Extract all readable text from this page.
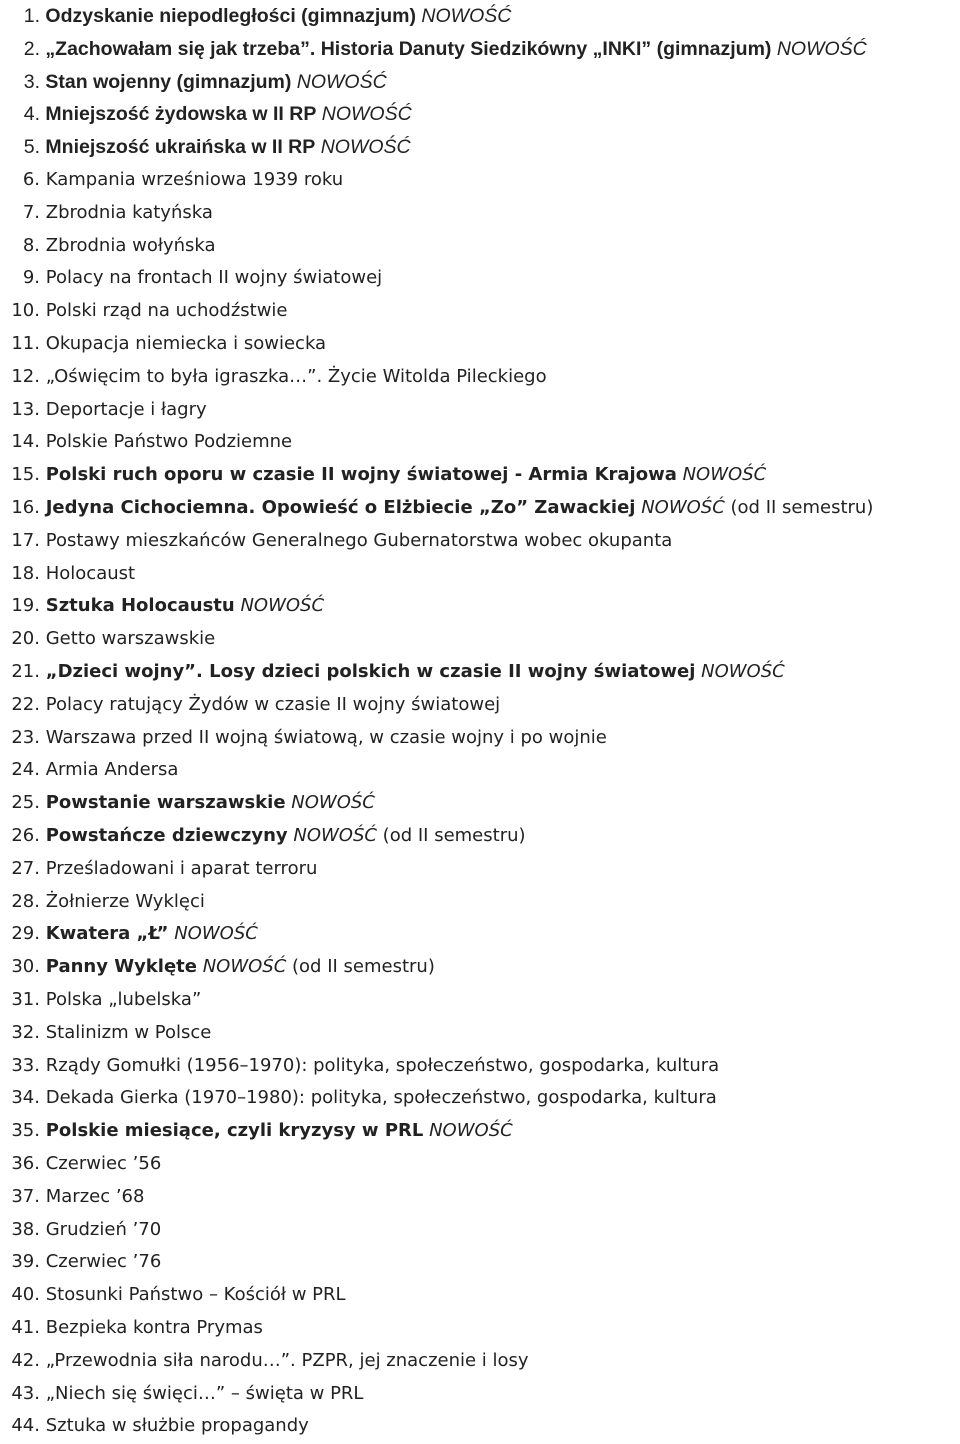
1. Odzyskanie niepodległości (gimnazjum) NOWOŚĆ
2. „Zachowałam się jak trzeba”. Historia Danuty Siedzikówny „INKI” (gimnazjum) NOWOŚĆ
3. Stan wojenny (gimnazjum) NOWOŚĆ
4. Mniejszość żydowska w II RP NOWOŚĆ
5. Mniejszość ukraińska w II RP NOWOŚĆ
6. Kampania wrześniowa 1939 roku
7. Zbrodnia katyńska
8. Zbrodnia wołyńska
9. Polacy na frontach II wojny światowej
10. Polski rząd na uchodźstwie
11. Okupacja niemiecka i sowiecka
12. „Oświęcim to była igraszka…”. Życie Witolda Pileckiego
13. Deportacje i łagry
14. Polskie Państwo Podziemne
15. Polski ruch oporu w czasie II wojny światowej - Armia Krajowa NOWOŚĆ
16. Jedyna Cichociemna. Opowieść o Elżbiecie „Zo” Zawackiej NOWOŚĆ (od II semestru)
17. Postawy mieszkańców Generalnego Gubernatorstwa wobec okupanta
18. Holocaust
19. Sztuka Holocaustu NOWOŚĆ
20. Getto warszawskie
21. „Dzieci wojny”. Losy dzieci polskich w czasie II wojny światowej NOWOŚĆ
22. Polacy ratujący Żydów w czasie II wojny światowej
23. Warszawa przed II wojną światową, w czasie wojny i po wojnie
24. Armia Andersa
25. Powstanie warszawskie NOWOŚĆ
26. Powstańcze dziewczyny NOWOŚĆ (od II semestru)
27. Prześladowani i aparat terroru
28. Żołnierze Wyklęci
29. Kwatera „Ł” NOWOŚĆ
30. Panny Wyklęte NOWOŚĆ (od II semestru)
31. Polska „lubelska”
32. Stalinizm w Polsce
33. Rządy Gomułki (1956–1970): polityka, społeczeństwo, gospodarka, kultura
34. Dekada Gierka (1970–1980): polityka, społeczeństwo, gospodarka, kultura
35. Polskie miesiące, czyli kryzysy w PRL NOWOŚĆ
36. Czerwiec ’56
37. Marzec ’68
38. Grudzień ’70
39. Czerwiec ’76
40. Stosunki Państwo – Kościół w PRL
41. Bezpieka kontra Prymas
42. „Przewodnia siła narodu…”. PZPR, jej znaczenie i losy
43. „Niech się święci…” – święta w PRL
44. Sztuka w służbie propagandy
